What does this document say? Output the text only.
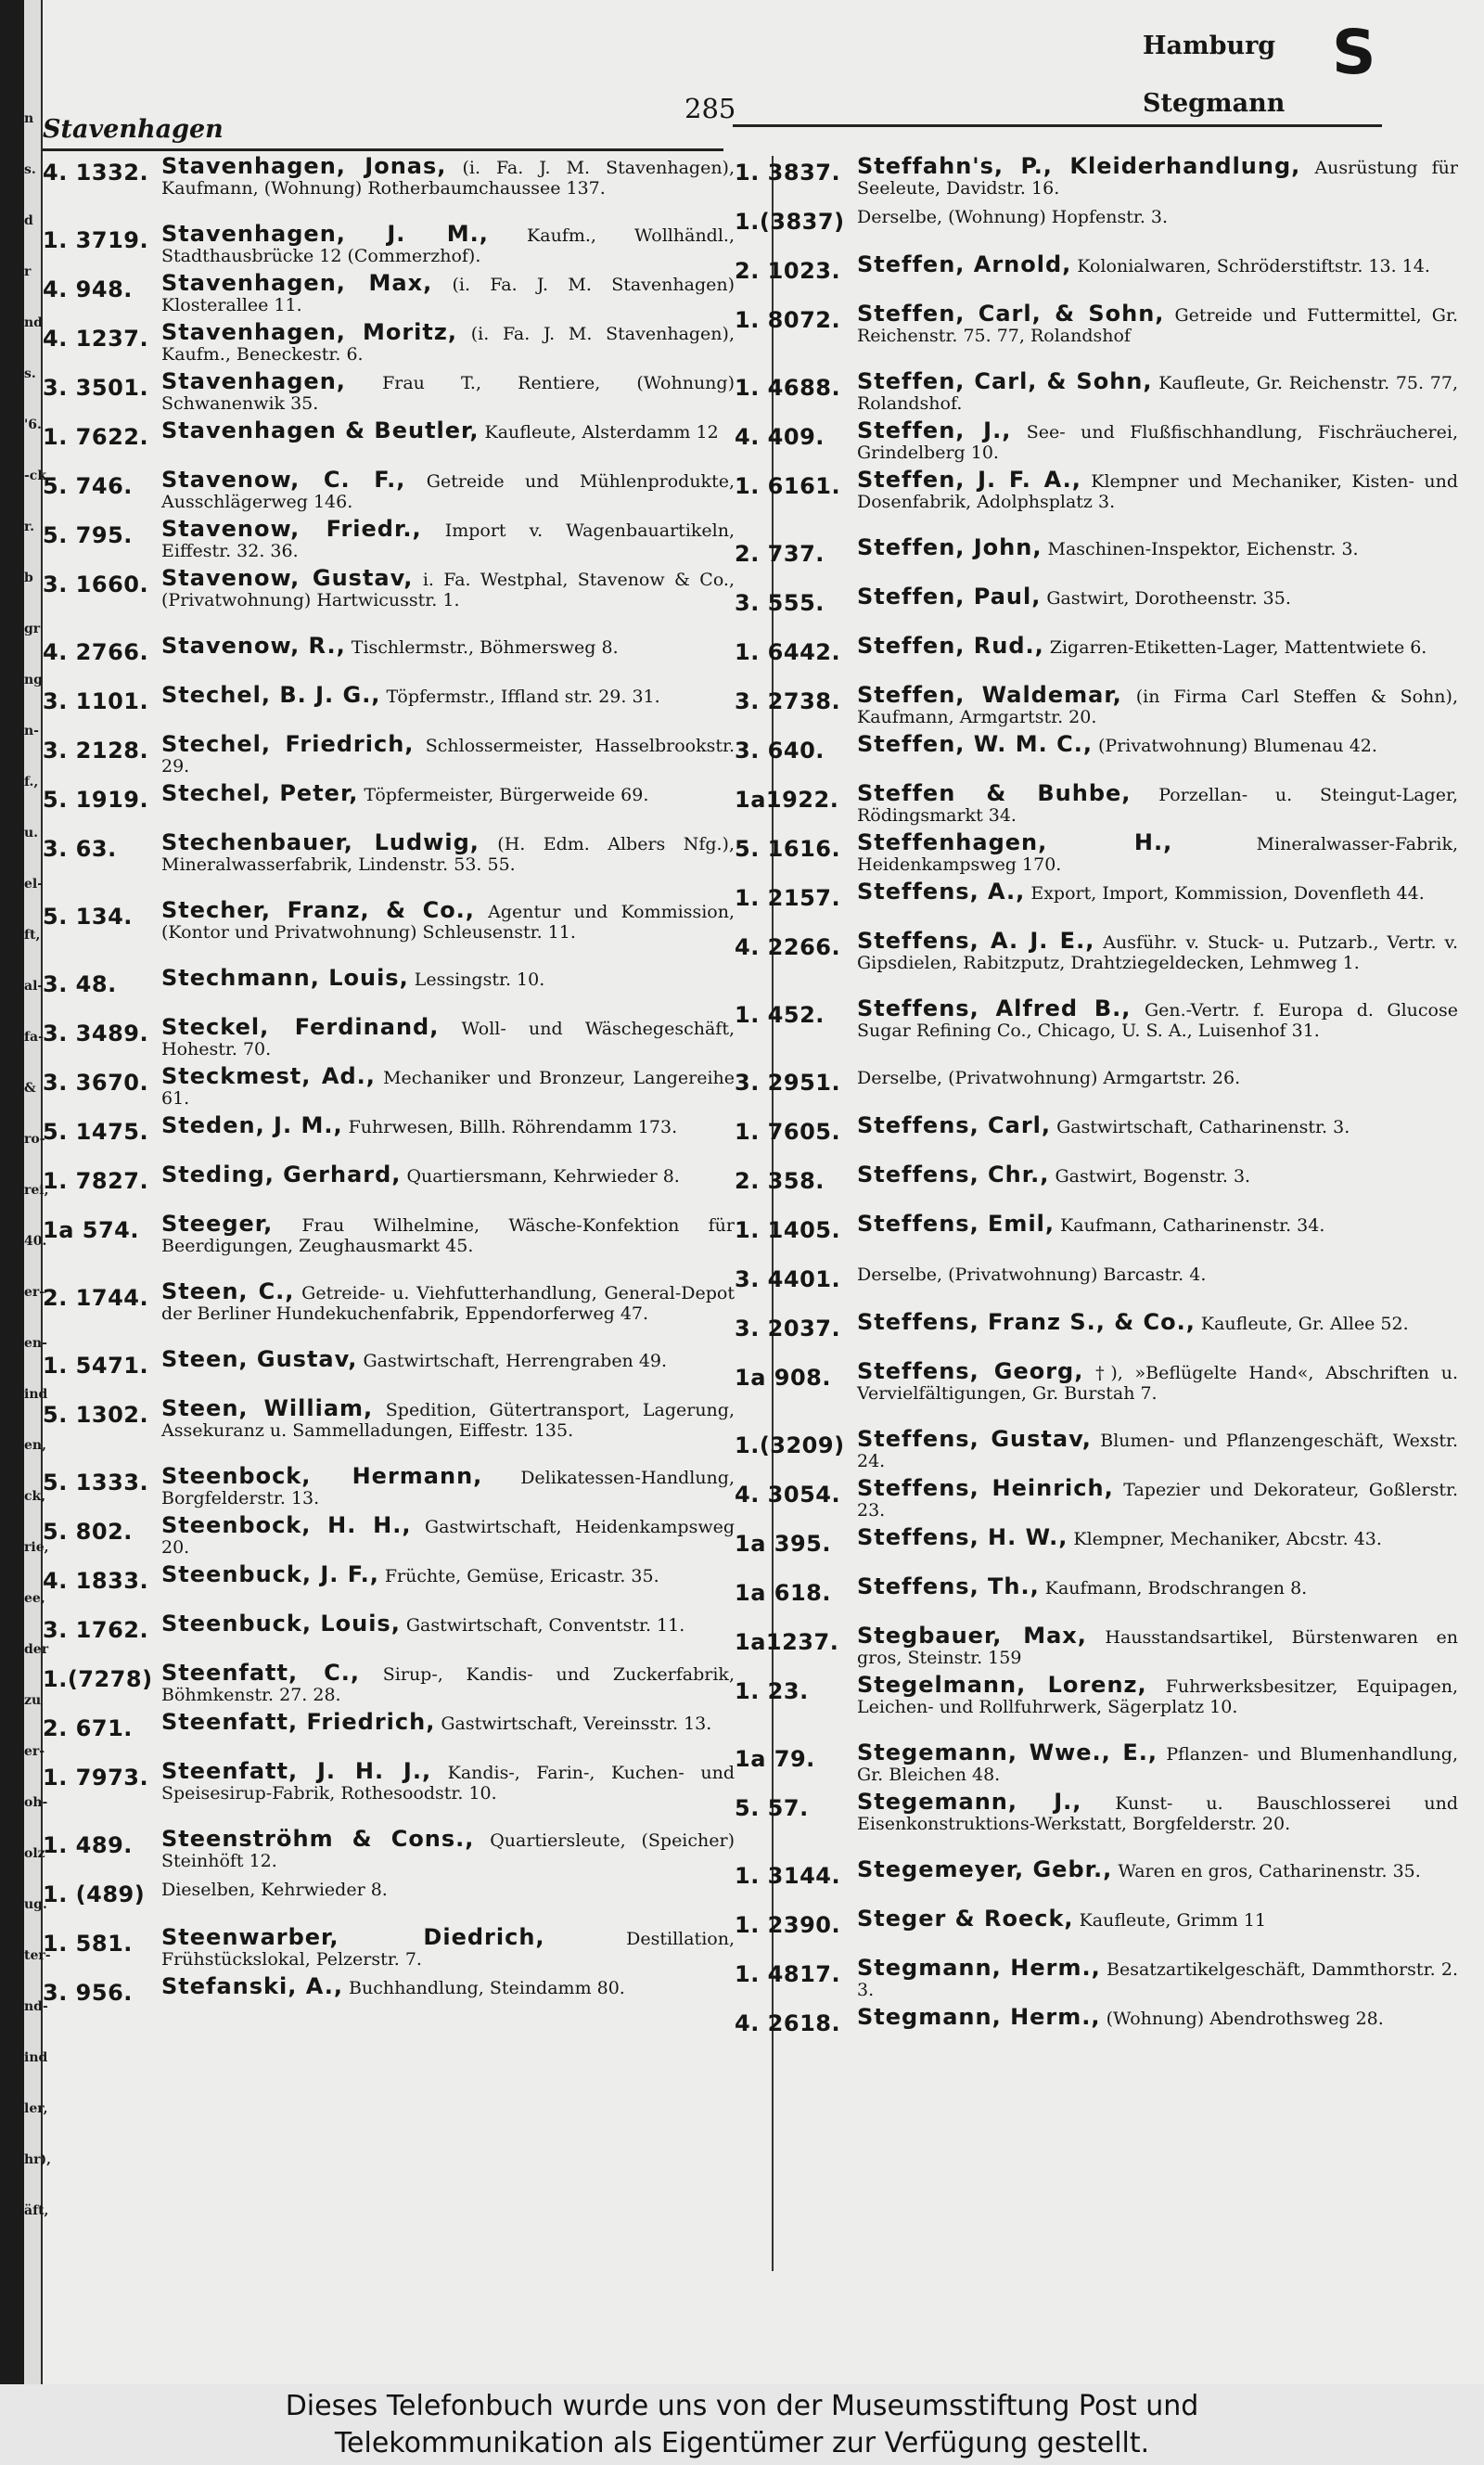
n
s.
d
r
nd
s.
'6.
-ck
r.
b
gr
ng
n-
f.,
u.
el-
ft,
al-
fa-
&
ro-
rei,
40.
er-
en-
ind
en,
ck,
rie,
ee,
der
zu
er-
oh-
olz
ug.
ter-
nd-
ind
ler,
hr),
äft,
Stavenhagen
285
Hamburg S
Stegmann
4. 1332. Stavenhagen, Jonas, (i. Fa. J. M. Stavenhagen), Kaufmann, (Wohnung) Rotherbaumchaussee 137.
1. 3719. Stavenhagen, J. M., Kaufm., Wollhändl., Stadthausbrücke 12 (Commerzhof).
4. 948. Stavenhagen, Max, (i. Fa. J. M. Stavenhagen) Klosterallee 11.
4. 1237. Stavenhagen, Moritz, (i. Fa. J. M. Stavenhagen), Kaufm., Beneckestr. 6.
3. 3501. Stavenhagen, Frau T., Rentiere, (Wohnung) Schwanenwik 35.
1. 7622. Stavenhagen & Beutler, Kaufleute, Alsterdamm 12
5. 746. Stavenow, C. F., Getreide und Mühlenprodukte, Ausschlägerweg 146.
5. 795. Stavenow, Friedr., Import v. Wagenbauartikeln, Eiffestr. 32. 36.
3. 1660. Stavenow, Gustav, i. Fa. Westphal, Stavenow & Co., (Privatwohnung) Hartwicusstr. 1.
4. 2766. Stavenow, R., Tischlermstr., Böhmersweg 8.
3. 1101. Stechel, B. J. G., Töpfermstr., Iffland str. 29. 31.
3. 2128. Stechel, Friedrich, Schlossermeister, Hasselbrookstr. 29.
5. 1919. Stechel, Peter, Töpfermeister, Bürgerweide 69.
3. 63. Stechenbauer, Ludwig, (H. Edm. Albers Nfg.), Mineralwasserfabrik, Lindenstr. 53. 55.
5. 134. Stecher, Franz, & Co., Agentur und Kommission, (Kontor und Privatwohnung) Schleusenstr. 11.
3. 48. Stechmann, Louis, Lessingstr. 10.
3. 3489. Steckel, Ferdinand, Woll- und Wäschegeschäft, Hohestr. 70.
3. 3670. Steckmest, Ad., Mechaniker und Bronzeur, Langereihe 61.
5. 1475. Steden, J. M., Fuhrwesen, Billh. Röhrendamm 173.
1. 7827. Steding, Gerhard, Quartiersmann, Kehrwieder 8.
1a 574. Steeger, Frau Wilhelmine, Wäsche-Konfektion für Beerdigungen, Zeughausmarkt 45.
2. 1744. Steen, C., Getreide- u. Viehfutterhandlung, General-Depot der Berliner Hundekuchenfabrik, Eppendorferweg 47.
1. 5471. Steen, Gustav, Gastwirtschaft, Herrengraben 49.
5. 1302. Steen, William, Spedition, Gütertransport, Lagerung, Assekuranz u. Sammelladungen, Eiffestr. 135.
5. 1333. Steenbock, Hermann, Delikatessen-Handlung, Borgfelderstr. 13.
5. 802. Steenbock, H. H., Gastwirtschaft, Heidenkampsweg 20.
4. 1833. Steenbuck, J. F., Früchte, Gemüse, Ericastr. 35.
3. 1762. Steenbuck, Louis, Gastwirtschaft, Conventstr. 11.
1.(7278) Steenfatt, C., Sirup-, Kandis- und Zuckerfabrik, Böhmkenstr. 27. 28.
2. 671. Steenfatt, Friedrich, Gastwirtschaft, Vereinsstr. 13.
1. 7973. Steenfatt, J. H. J., Kandis-, Farin-, Kuchen- und Speisesirup-Fabrik, Rothesoodstr. 10.
1. 489. Steenströhm & Cons., Quartiersleute, (Speicher) Steinhöft 12.
1. (489) Dieselben, Kehrwieder 8.
1. 581. Steenwarber, Diedrich,	Destillation, Frühstückslokal, Pelzerstr. 7.
3. 956. Stefanski, A., Buchhandlung, Steindamm 80.
1. 3837. Steffahn's, P., Kleiderhandlung, Ausrüstung für Seeleute, Davidstr. 16.
1.(3837) Derselbe, (Wohnung) Hopfenstr. 3.
2. 1023. Steffen, Arnold, Kolonialwaren, Schröderstiftstr. 13. 14.
1. 8072. Steffen, Carl, & Sohn, Getreide und Futtermittel, Gr. Reichenstr. 75. 77, Rolandshof
1. 4688. Steffen, Carl, & Sohn, Kaufleute, Gr. Reichenstr. 75. 77, Rolandshof.
4. 409. Steffen, J., See- und Flußfischhandlung, Fischräucherei, Grindelberg 10.
1. 6161. Steffen, J. F. A., Klempner und Mechaniker, Kisten- und Dosenfabrik, Adolphsplatz 3.
2. 737. Steffen, John, Maschinen-Inspektor, Eichenstr. 3.
3. 555. Steffen, Paul, Gastwirt, Dorotheenstr. 35.
1. 6442. Steffen, Rud., Zigarren-Etiketten-Lager, Mattentwiete 6.
3. 2738. Steffen, Waldemar, (in Firma Carl Steffen & Sohn), Kaufmann, Armgartstr. 20.
3. 640. Steffen, W. M. C., (Privatwohnung) Blumenau 42.
1a1922. Steffen & Buhbe, Porzellan- u. Steingut-Lager, Rödingsmarkt 34.
5. 1616. Steffenhagen, H.,	Mineralwasser-Fabrik, Heidenkampsweg 170.
1. 2157. Steffens, A., Export, Import, Kommission, Dovenfleth 44.
4. 2266. Steffens, A. J. E., Ausführ. v. Stuck- u. Putzarb., Vertr. v. Gipsdielen, Rabitzputz, Drahtziegeldecken, Lehmweg 1.
1. 452. Steffens, Alfred B., Gen.-Vertr. f. Europa d. Glucose Sugar Refining Co., Chicago, U. S. A., Luisenhof 31.
3. 2951. Derselbe, (Privatwohnung) Armgartstr. 26.
1. 7605. Steffens, Carl, Gastwirtschaft, Catharinenstr. 3.
2. 358. Steffens, Chr., Gastwirt, Bogenstr. 3.
1. 1405. Steffens, Emil, Kaufmann, Catharinenstr. 34.
3. 4401. Derselbe, (Privatwohnung) Barcastr. 4.
3. 2037. Steffens, Franz S., & Co., Kaufleute, Gr. Allee 52.
1a 908. Steffens, Georg, †), »Beflügelte Hand«, Abschriften u. Vervielfältigungen, Gr. Burstah 7.
1.(3209) Steffens, Gustav, Blumen- und Pflanzengeschäft, Wexstr. 24.
4. 3054. Steffens, Heinrich, Tapezier und Dekorateur, Goßlerstr. 23.
1a 395. Steffens, H. W., Klempner, Mechaniker, Abcstr. 43.
1a 618. Steffens, Th., Kaufmann, Brodschrangen 8.
1a1237. Stegbauer, Max, Hausstandsartikel, Bürstenwaren en gros, Steinstr. 159
1. 23. Stegelmann, Lorenz, Fuhrwerksbesitzer, Equipagen, Leichen- und Rollfuhrwerk, Sägerplatz 10.
1a 79. Stegemann, Wwe., E., Pflanzen- und Blumenhandlung, Gr. Bleichen 48.
5. 57. Stegemann, J., Kunst- u. Bauschlosserei und Eisenkonstruktions-Werkstatt, Borgfelderstr. 20.
1. 3144. Stegemeyer, Gebr., Waren en gros, Catharinenstr. 35.
1. 2390. Steger & Roeck, Kaufleute, Grimm 11
1. 4817. Stegmann, Herm., Besatzartikelgeschäft, Dammthorstr. 2. 3.
4. 2618. Stegmann, Herm., (Wohnung) Abendrothsweg 28.
Dieses Telefonbuch wurde uns von der Museumsstiftung Post und
Telekommunikation als Eigentümer zur Verfügung gestellt.
